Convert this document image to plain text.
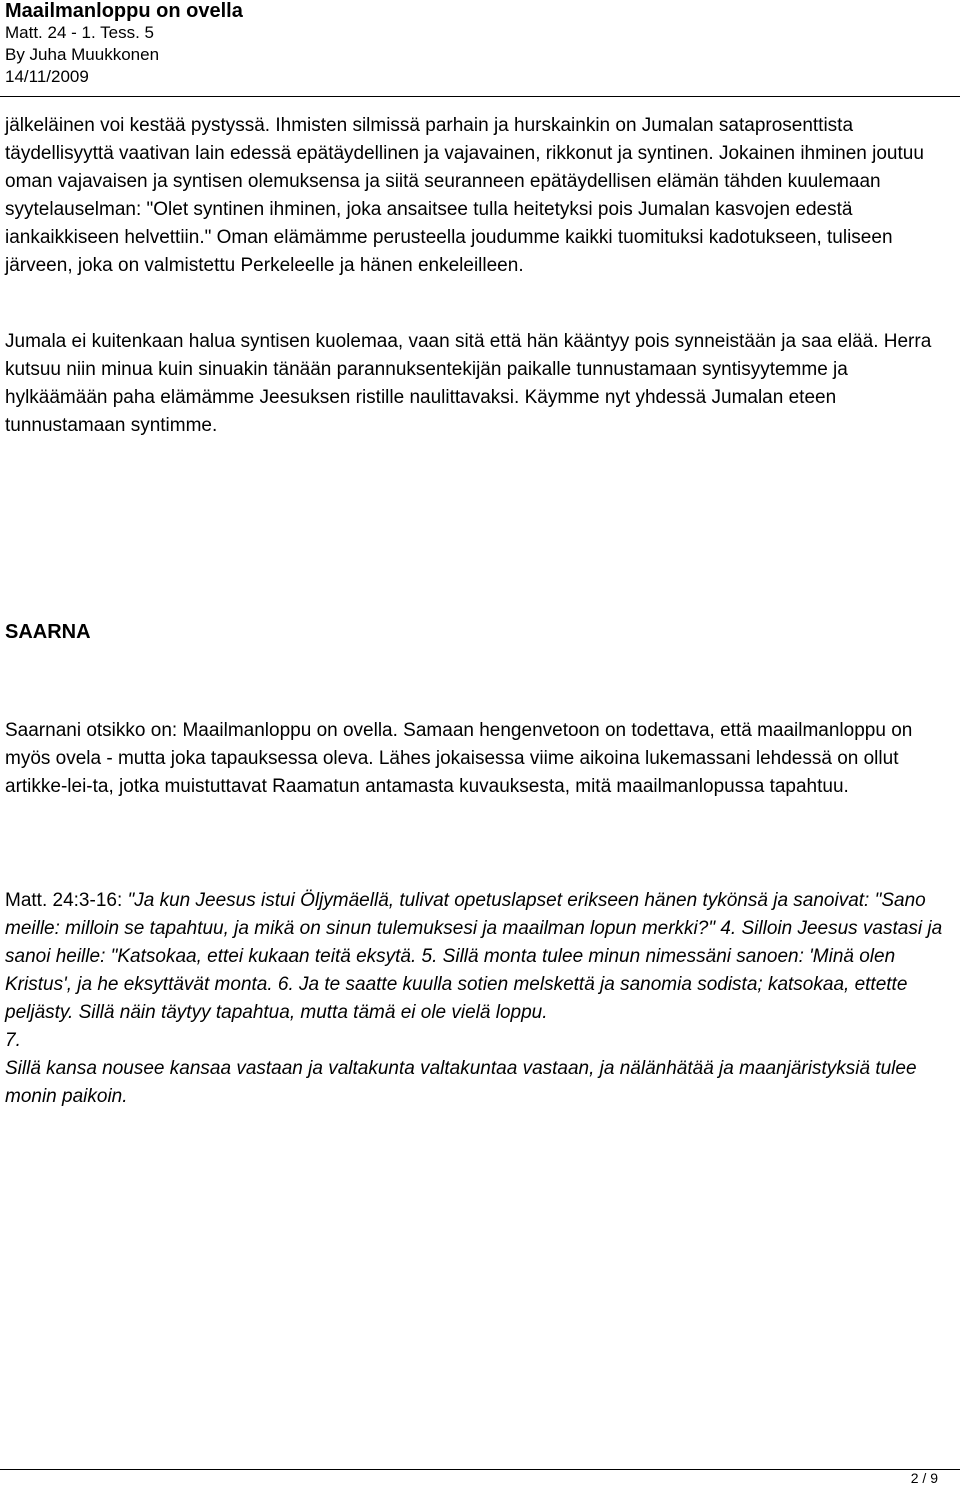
Maailmanloppu on ovella
Matt. 24 - 1. Tess. 5
By Juha Muukkonen
14/11/2009

jälkeläinen voi kestää pystyssä. Ihmisten silmissä parhain ja hurskainkin on Jumalan sataprosenttista täydellisyyttä vaativan lain edessä epätäydellinen ja vajavainen, rikkonut ja syntinen. Jokainen ihminen joutuu oman vajavaisen ja syntisen olemuksensa ja siitä seuranneen epätäydellisen elämän tähden kuulemaan syytelauselman: "Olet syntinen ihminen, joka ansaitsee tulla heitetyksi pois Jumalan kasvojen edestä iankaikkiseen helvettiin." Oman elämämme perusteella joudumme kaikki tuomituksi kadotukseen, tuliseen järveen, joka on valmistettu Perkeleelle ja hänen enkeleilleen.

Jumala ei kuitenkaan halua syntisen kuolemaa, vaan sitä että hän kääntyy pois synneistään ja saa elää. Herra kutsuu niin minua kuin sinuakin tänään parannuksentekijän paikalle tunnustamaan syntisyytemme ja hylkäämään paha elämämme Jeesuksen ristille naulittavaksi. Käymme nyt yhdessä Jumalan eteen tunnustamaan syntimme.

SAARNA

Saarnani otsikko on: Maailmanloppu on ovella. Samaan hengenvetoon on todettava, että maailmanloppu on myös ovela - mutta joka tapauksessa oleva. Lähes jokaisessa viime aikoina lukemassani lehdessä on ollut artikke-lei-ta, jotka muistuttavat Raamatun antamasta kuvauksesta, mitä maailmanlopussa tapahtuu.

Matt. 24:3-16: "Ja kun Jeesus istui Öljymäellä, tulivat opetuslapset erikseen hänen tykönsä ja sanoivat: "Sano meille: milloin se tapahtuu, ja mikä on sinun tulemuksesi ja maailman lopun merkki?" 4. Silloin Jeesus vastasi ja sanoi heille: "Katsokaa, ettei kukaan teitä eksytä. 5. Sillä monta tulee minun nimessäni sanoen: 'Minä olen Kristus', ja he eksyttävät monta. 6. Ja te saatte kuulla sotien melskettä ja sanomia sodista; katsokaa, ettette peljästy. Sillä näin täytyy tapahtua, mutta tämä ei ole vielä loppu.
7.
Sillä kansa nousee kansaa vastaan ja valtakunta valtakuntaa vastaan, ja nälänhätää ja maanjäristyksiä tulee monin paikoin.

2 / 9
